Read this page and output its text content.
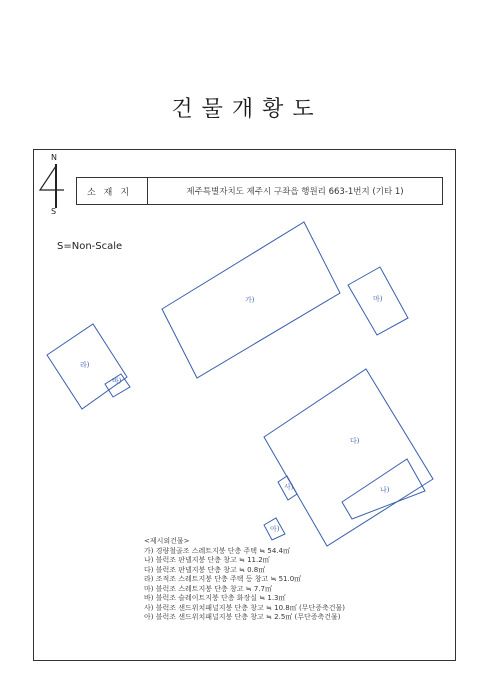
건물개황도
N
S
소재지	제주특별자치도 제주시 구좌읍 행원리 663-1번지 (기타 1)
S=Non-Scale
가)	마)
라)
바)
다)
나)
사)
아)
<제시외건물>
가) 경량철골조 스레트지붕 단층 주택 ≒ 54.4㎡
나) 블럭조 판넬지붕 단층 창고 ≒ 11.2㎡
다) 블럭조 판넬지붕 단층 창고 ≒ 0.8㎡
라) 조적조 스레트지붕 단층 주택 등 창고 ≒ 51.0㎡
마) 블럭조 스레트지붕 단층 창고 ≒ 7.7㎡
바) 블럭조 슬레이트지붕 단층 화장실 ≒ 1.3㎡
사) 블럭조 샌드위치패널지붕 단층 창고 ≒ 10.8㎡ (무단증축건물)
아) 블럭조 샌드위치패널지붕 단층 창고 ≒ 2.5㎡ (무단증축건물)
